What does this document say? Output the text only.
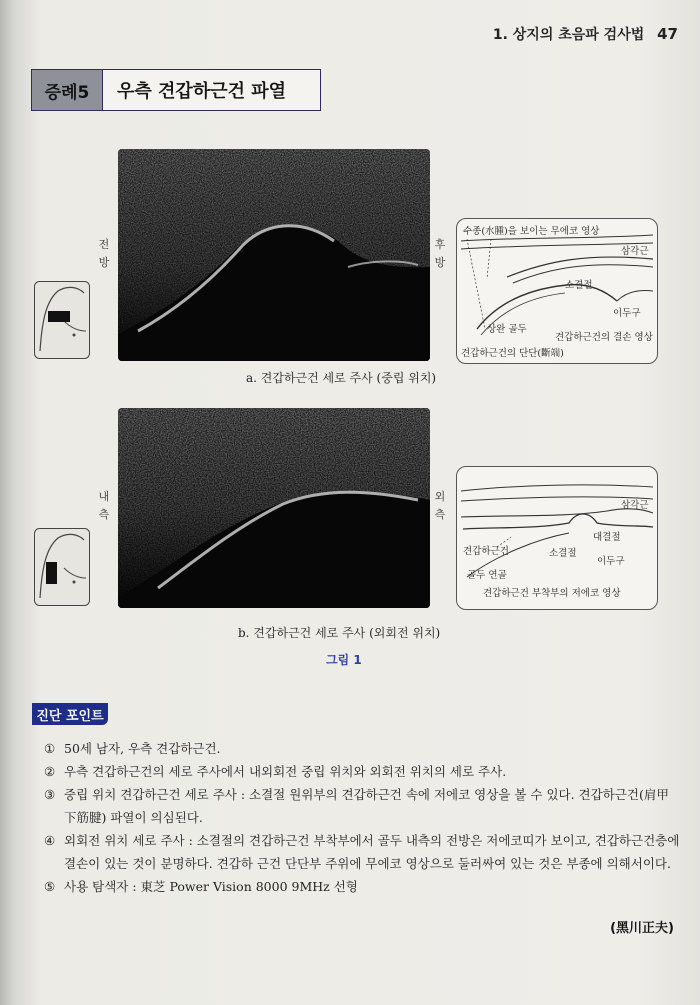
1. 상지의 초음파 검사법 47
증례5	우측 견갑하근건 파열
전
방
후
방
수종(水腫)을 보이는 무에코 영상
삼각근
소결절
이두구
상완 골두
견갑하근건의 결손 영상
견갑하근건의 단단(斷端)
a. 견갑하근건 세로 주사 (중립 위치)
내
측
외
측
삼각근
대결절
견갑하근건	소결절
이두구
골두 연골
견갑하근건 부착부의 저에코 영상
b. 견갑하근건 세로 주사 (외회전 위치)
그림 1
진단 포인트
① 50세 남자, 우측 견갑하근건.
② 우측 견갑하근건의 세로 주사에서 내외회전 중립 위치와 외회전 위치의 세로 주사.
③ 중립 위치 견갑하근건 세로 주사 : 소결절 원위부의 견갑하근건 속에 저에코 영상을 볼 수 있다. 견갑하근건(肩甲下筋腱) 파열이 의심된다.
④ 외회전 위치 세로 주사 : 소결절의 견갑하근건 부착부에서 골두 내측의 전방은 저에코띠가 보이고, 견갑하근건층에 결손이 있는 것이 분명하다. 견갑하 근건 단단부 주위에 무에코 영상으로 둘러싸여 있는 것은 부종에 의해서이다.
⑤ 사용 탐색자 : 東芝 Power Vision 8000 9MHz 선형
(黑川正夫)
